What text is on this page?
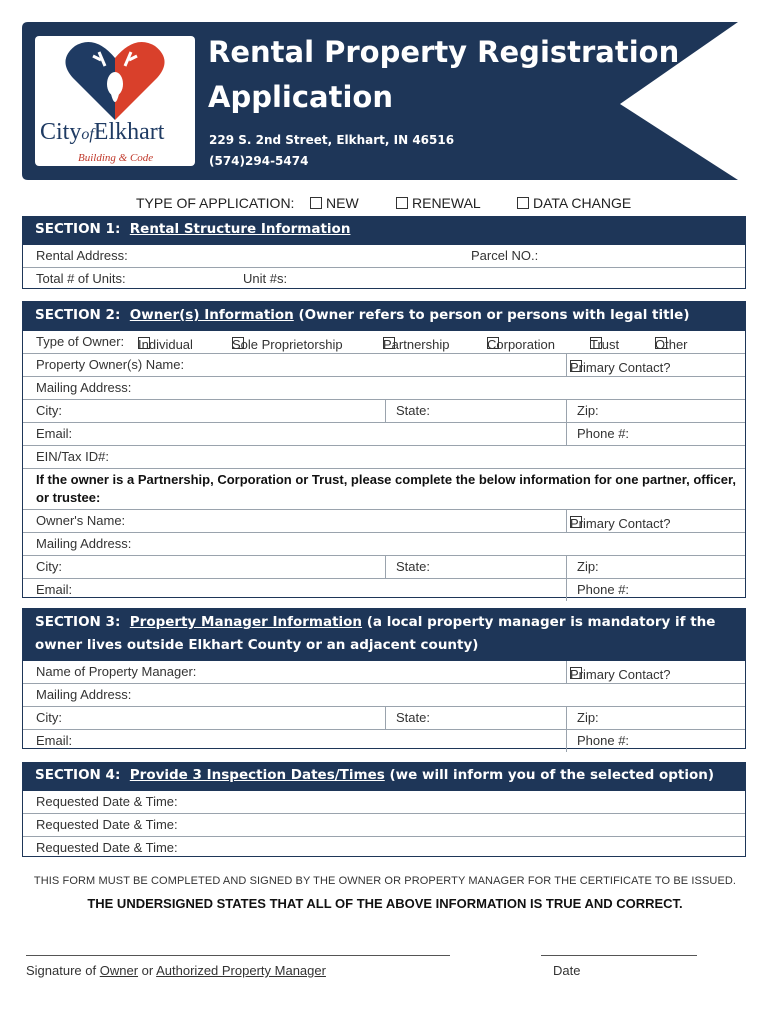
CityofElkhart
Building & Code
Rental Property Registration
Application
229 S. 2nd Street, Elkhart, IN 46516
(574)294-5474
TYPE OF APPLICATION:	NEW	RENEWAL	DATA CHANGE
SECTION 1: Rental Structure Information
Rental Address:	Parcel NO.:
Total # of Units:	Unit #s:
SECTION 2: Owner(s) Information (Owner refers to person or persons with legal title)
Type of Owner: Individual	Sole Proprietorship	Partnership	Corporation	Trust	Other
Property Owner(s) Name:	Primary Contact?
Mailing Address:
City:	State:	Zip:
Email:	Phone #:
EIN/Tax ID#:
If the owner is a Partnership, Corporation or Trust, please complete the below information for one partner, officer, or trustee:
Owner's Name:	Primary Contact?
Mailing Address:
City:	State:	Zip:
Email:	Phone #:
SECTION 3: Property Manager Information (a local property manager is mandatory if the
owner lives outside Elkhart County or an adjacent county)
Name of Property Manager:	Primary Contact?
Mailing Address:
City:	State:	Zip:
Email:	Phone #:
SECTION 4: Provide 3 Inspection Dates/Times (we will inform you of the selected option)
Requested Date & Time:
Requested Date & Time:
Requested Date & Time:
THIS FORM MUST BE COMPLETED AND SIGNED BY THE OWNER OR PROPERTY MANAGER FOR THE CERTIFICATE TO BE ISSUED.
THE UNDERSIGNED STATES THAT ALL OF THE ABOVE INFORMATION IS TRUE AND CORRECT.
Signature of Owner or Authorized Property Manager	Date
